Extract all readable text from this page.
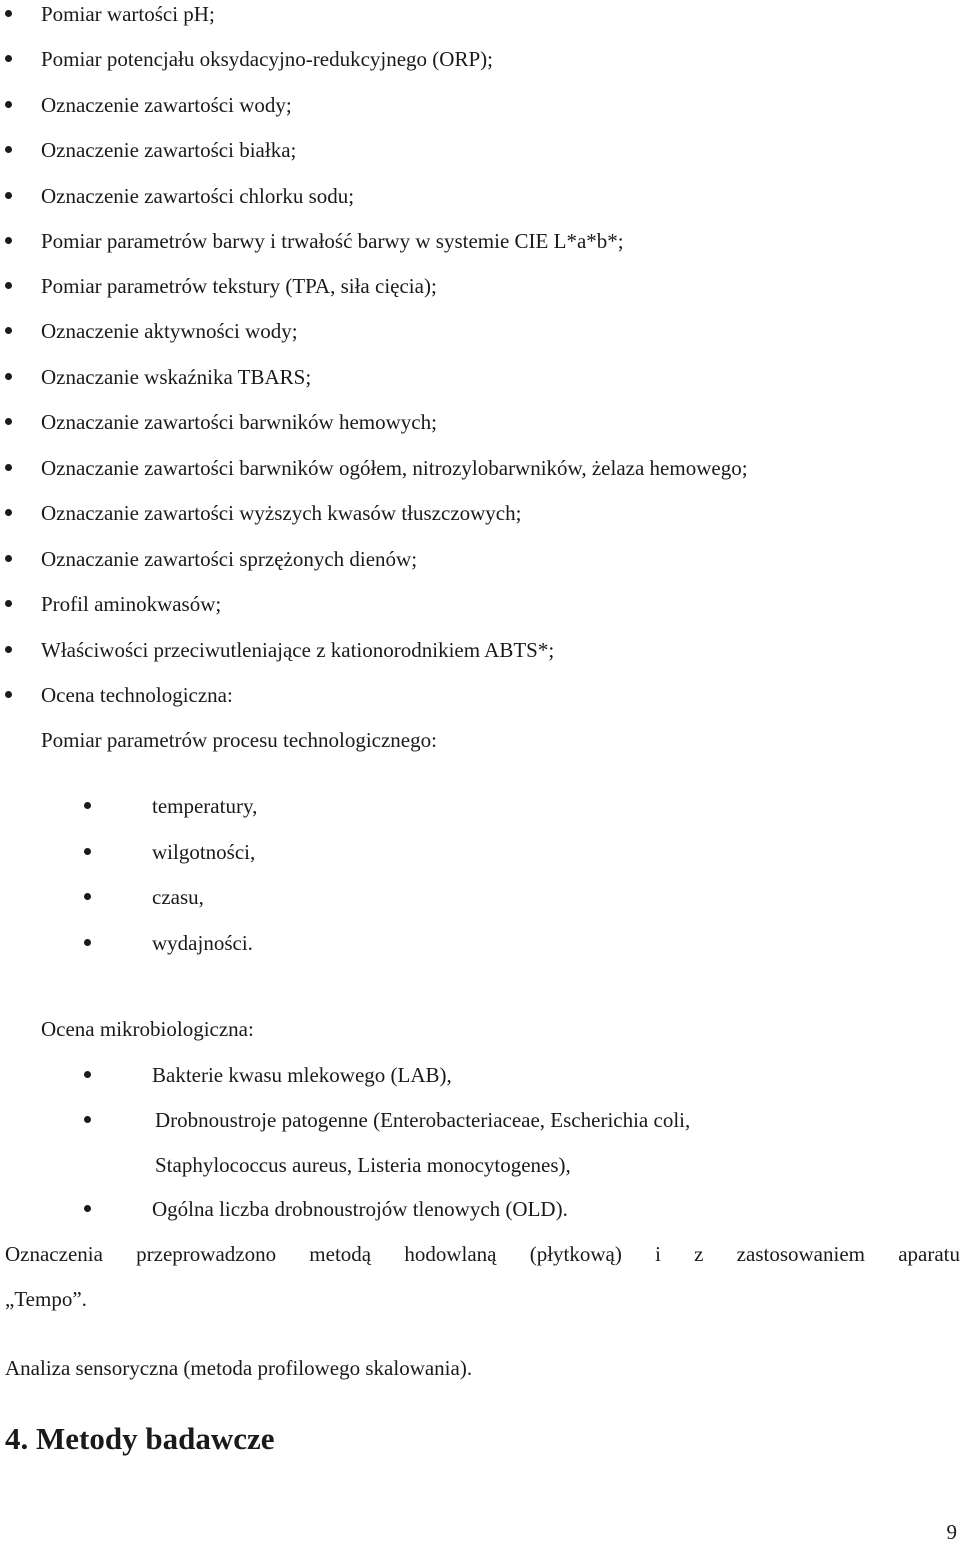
Pomiar wartości pH;
Pomiar potencjału oksydacyjno-redukcyjnego (ORP);
Oznaczenie zawartości wody;
Oznaczenie zawartości białka;
Oznaczenie zawartości chlorku sodu;
Pomiar parametrów barwy i trwałość barwy w systemie CIE L*a*b*;
Pomiar parametrów tekstury (TPA, siła cięcia);
Oznaczenie aktywności wody;
Oznaczanie wskaźnika TBARS;
Oznaczanie zawartości barwników hemowych;
Oznaczanie zawartości barwników ogółem, nitrozylobarwników, żelaza hemowego;
Oznaczanie zawartości wyższych kwasów tłuszczowych;
Oznaczanie zawartości sprzężonych dienów;
Profil aminokwasów;
Właściwości przeciwutleniające z kationorodnikiem ABTS*;
Ocena technologiczna:
Pomiar parametrów procesu technologicznego:
temperatury,
wilgotności,
czasu,
wydajności.
Ocena mikrobiologiczna:
Bakterie kwasu mlekowego (LAB),
Drobnoustroje patogenne (Enterobacteriaceae, Escherichia coli,
Staphylococcus aureus, Listeria monocytogenes),
Ogólna liczba drobnoustrojów tlenowych (OLD).
Oznaczenia przeprowadzono metodą hodowlaną (płytkową) i z zastosowaniem aparatu
„Tempo”.
Analiza sensoryczna (metoda profilowego skalowania).
4. Metody badawcze
9
